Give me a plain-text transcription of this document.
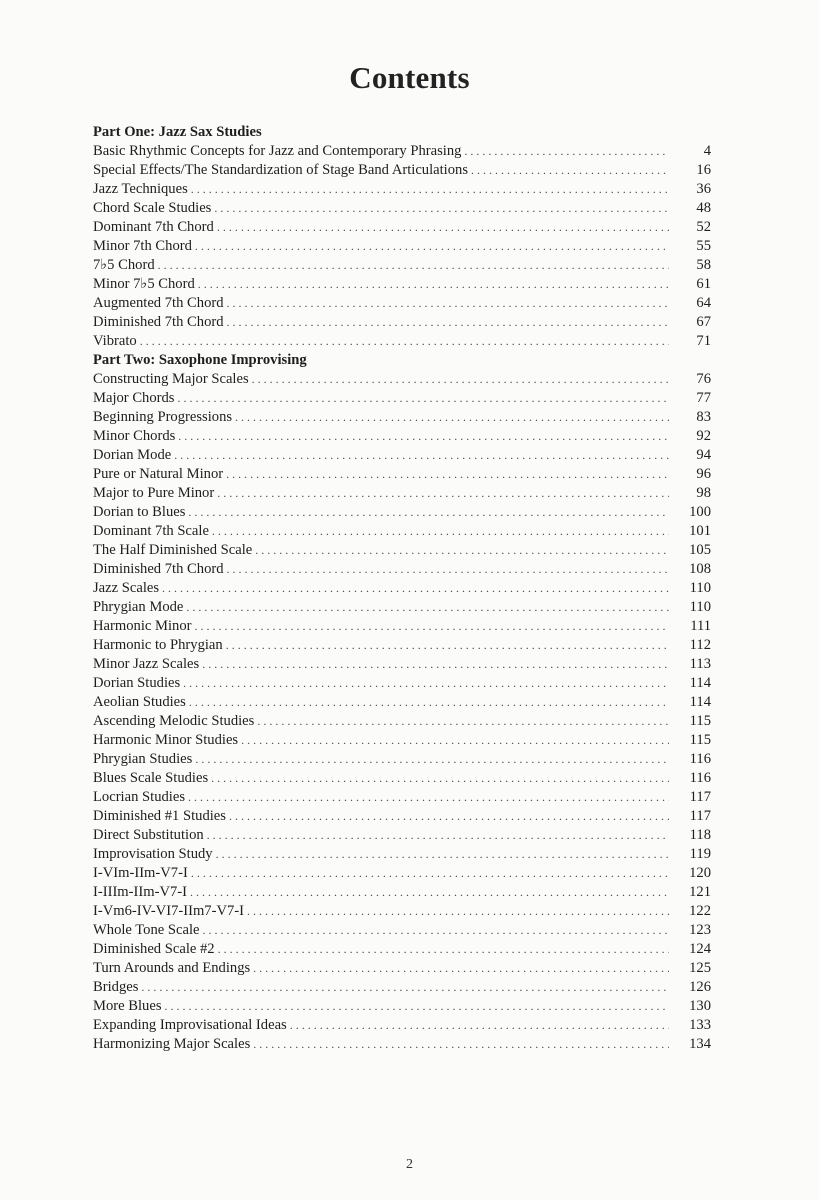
Contents
Part One: Jazz Sax Studies
Basic Rhythmic Concepts for Jazz and Contemporary Phrasing . . .	4
Special Effects/The Standardization of Stage Band Articulations . . .	16
Jazz Techniques . . .	36
Chord Scale Studies . . .	48
Dominant 7th Chord . . .	52
Minor 7th Chord . . .	55
7♭5 Chord . . .	58
Minor 7♭5 Chord . . .	61
Augmented 7th Chord . . .	64
Diminished 7th Chord . . .	67
Vibrato . . .	71
Part Two: Saxophone Improvising
Constructing Major Scales . . .	76
Major Chords . . .	77
Beginning Progressions . . .	83
Minor Chords . . .	92
Dorian Mode . . .	94
Pure or Natural Minor . . .	96
Major to Pure Minor . . .	98
Dorian to Blues . . .	100
Dominant 7th Scale . . .	101
The Half Diminished Scale . . .	105
Diminished 7th Chord . . .	108
Jazz Scales . . .	110
Phrygian Mode . . .	110
Harmonic Minor . . .	111
Harmonic to Phrygian . . .	112
Minor Jazz Scales . . .	113
Dorian Studies . . .	114
Aeolian Studies . . .	114
Ascending Melodic Studies . . .	115
Harmonic Minor Studies . . .	115
Phrygian Studies . . .	116
Blues Scale Studies . . .	116
Locrian Studies . . .	117
Diminished #1 Studies . . .	117
Direct Substitution . . .	118
Improvisation Study . . .	119
I-VIm-IIm-V7-I . . .	120
I-IIIm-IIm-V7-I . . .	121
I-Vm6-IV-VI7-IIm7-V7-I . . .	122
Whole Tone Scale . . .	123
Diminished Scale #2 . . .	124
Turn Arounds and Endings . . .	125
Bridges . . .	126
More Blues . . .	130
Expanding Improvisational Ideas . . .	133
Harmonizing Major Scales . . .	134
2
